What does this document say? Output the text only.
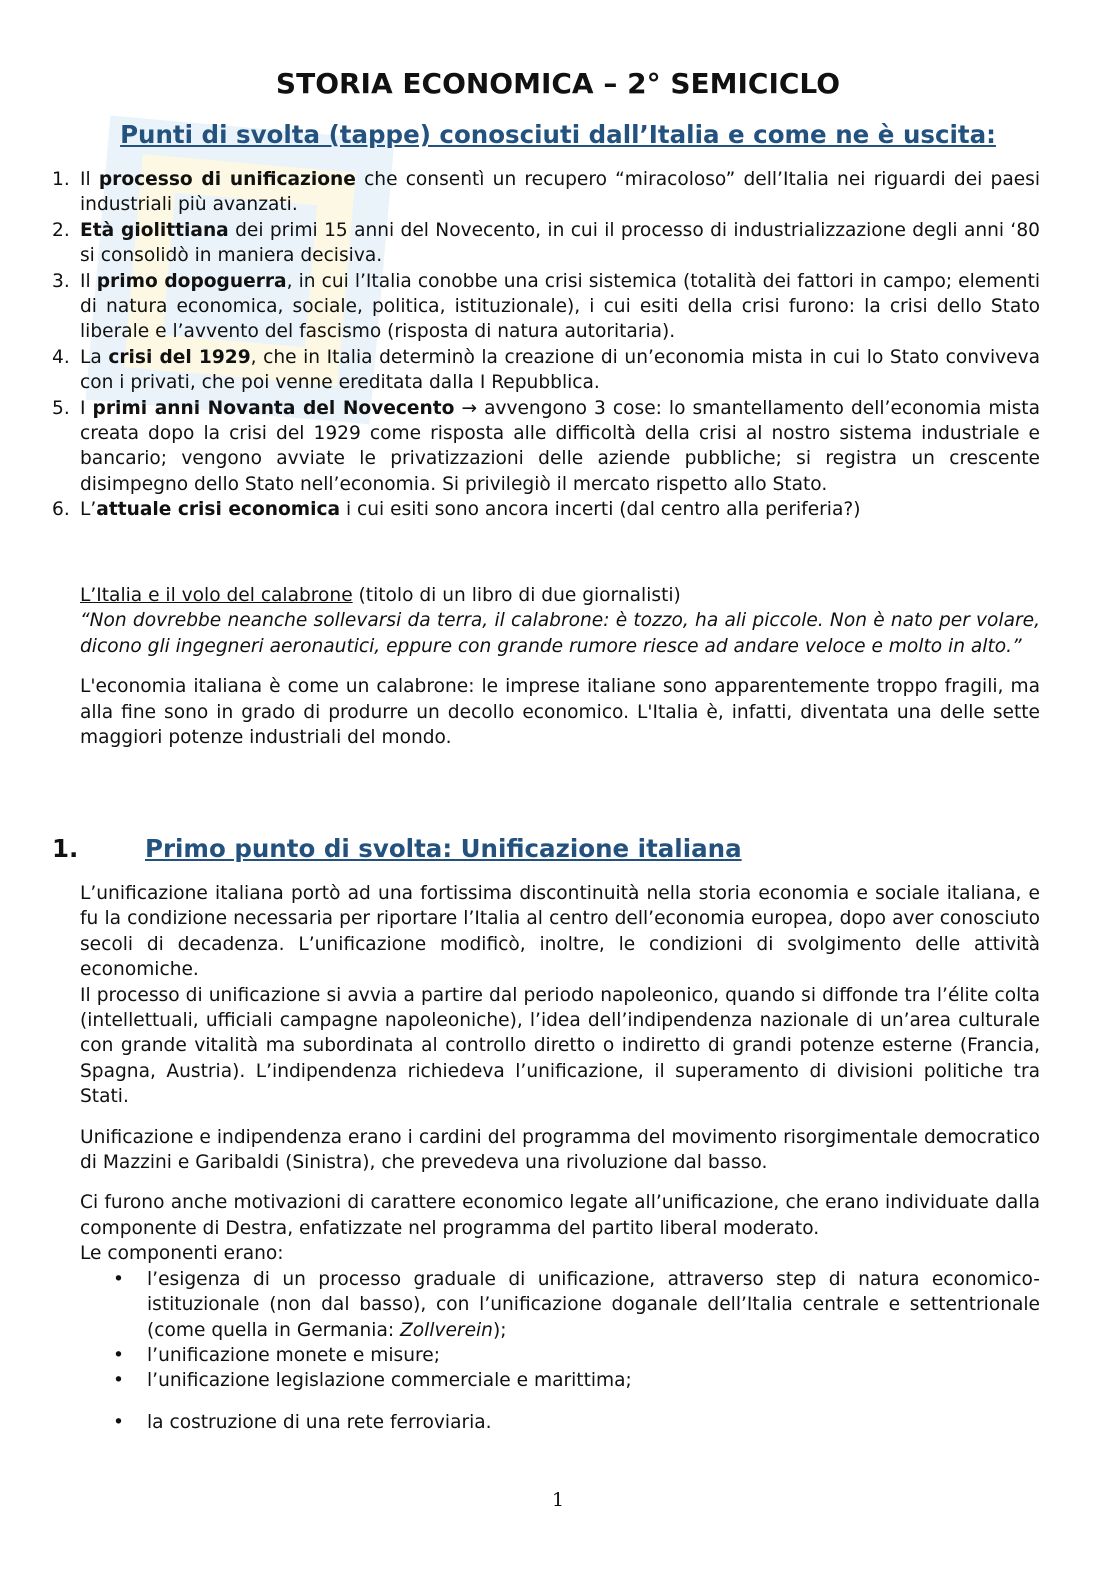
STORIA ECONOMICA – 2° SEMICICLO
Punti di svolta (tappe) conosciuti dall’Italia e come ne è uscita:
1. Il processo di unificazione che consentì un recupero “miracoloso” dell’Italia nei riguardi dei paesi industriali più avanzati.
2. Età giolittiana dei primi 15 anni del Novecento, in cui il processo di industrializzazione degli anni ‘80 si consolidò in maniera decisiva.
3. Il primo dopoguerra, in cui l’Italia conobbe una crisi sistemica (totalità dei fattori in campo; elementi di natura economica, sociale, politica, istituzionale), i cui esiti della crisi furono: la crisi dello Stato liberale e l’avvento del fascismo (risposta di natura autoritaria).
4. La crisi del 1929, che in Italia determinò la creazione di un’economia mista in cui lo Stato conviveva con i privati, che poi venne ereditata dalla I Repubblica.
5. I primi anni Novanta del Novecento → avvengono 3 cose: lo smantellamento dell’economia mista creata dopo la crisi del 1929 come risposta alle difficoltà della crisi al nostro sistema industriale e bancario; vengono avviate le privatizzazioni delle aziende pubbliche; si registra un crescente disimpegno dello Stato nell’economia. Si privilegiò il mercato rispetto allo Stato.
6. L’attuale crisi economica i cui esiti sono ancora incerti (dal centro alla periferia?)

L’Italia e il volo del calabrone (titolo di un libro di due giornalisti)

“Non dovrebbe neanche sollevarsi da terra, il calabrone: è tozzo, ha ali piccole. Non è nato per volare, dicono gli ingegneri aeronautici, eppure con grande rumore riesce ad andare veloce e molto in alto.”

L'economia italiana è come un calabrone: le imprese italiane sono apparentemente troppo fragili, ma alla fine sono in grado di produrre un decollo economico. L'Italia è, infatti, diventata una delle sette maggiori potenze industriali del mondo.

1.	Primo punto di svolta: Unificazione italiana

L’unificazione italiana portò ad una fortissima discontinuità nella storia economia e sociale italiana, e fu la condizione necessaria per riportare l’Italia al centro dell’economia europea, dopo aver conosciuto secoli di decadenza. L’unificazione modificò, inoltre, le condizioni di svolgimento delle attività economiche.

Il processo di unificazione si avvia a partire dal periodo napoleonico, quando si diffonde tra l’élite colta (intellettuali, ufficiali campagne napoleoniche), l’idea dell’indipendenza nazionale di un’area culturale con grande vitalità ma subordinata al controllo diretto o indiretto di grandi potenze esterne (Francia, Spagna, Austria). L’indipendenza richiedeva l’unificazione, il superamento di divisioni politiche tra Stati.

Unificazione e indipendenza erano i cardini del programma del movimento risorgimentale democratico di Mazzini e Garibaldi (Sinistra), che prevedeva una rivoluzione dal basso.

Ci furono anche motivazioni di carattere economico legate all’unificazione, che erano individuate dalla componente di Destra, enfatizzate nel programma del partito liberal moderato.

Le componenti erano:

• l’esigenza di un processo graduale di unificazione, attraverso step di natura economico-istituzionale (non dal basso), con l’unificazione doganale dell’Italia centrale e settentrionale (come quella in Germania: Zollverein);
• l’unificazione monete e misure;
• l’unificazione legislazione commerciale e marittima;
• la costruzione di una rete ferroviaria.
1
